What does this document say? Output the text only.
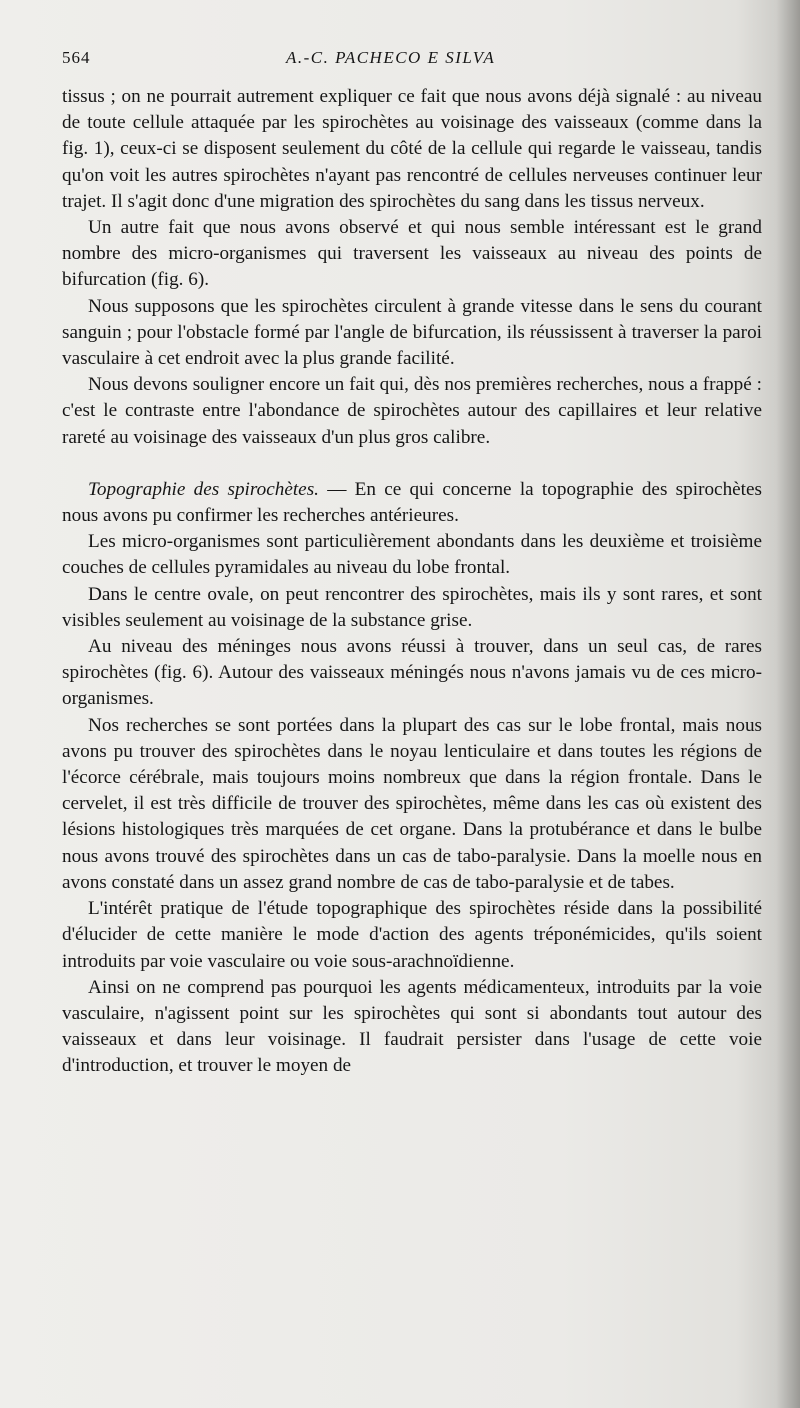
564	A.-C. PACHECO E SILVA

tissus ; on ne pourrait autrement expliquer ce fait que nous avons déjà signalé : au niveau de toute cellule attaquée par les spirochètes au voisinage des vaisseaux (comme dans la fig. 1), ceux-ci se disposent seulement du côté de la cellule qui regarde le vaisseau, tandis qu'on voit les autres spirochètes n'ayant pas rencontré de cellules nerveuses continuer leur trajet. Il s'agit donc d'une migration des spirochètes du sang dans les tissus nerveux.

Un autre fait que nous avons observé et qui nous semble intéressant est le grand nombre des micro-organismes qui traversent les vaisseaux au niveau des points de bifurcation (fig. 6).

Nous supposons que les spirochètes circulent à grande vitesse dans le sens du courant sanguin ; pour l'obstacle formé par l'angle de bifurcation, ils réussissent à traverser la paroi vasculaire à cet endroit avec la plus grande facilité.

Nous devons souligner encore un fait qui, dès nos premières recherches, nous a frappé : c'est le contraste entre l'abondance de spirochètes autour des capillaires et leur relative rareté au voisinage des vaisseaux d'un plus gros calibre.

Topographie des spirochètes. — En ce qui concerne la topographie des spirochètes nous avons pu confirmer les recherches antérieures.

Les micro-organismes sont particulièrement abondants dans les deuxième et troisième couches de cellules pyramidales au niveau du lobe frontal.

Dans le centre ovale, on peut rencontrer des spirochètes, mais ils y sont rares, et sont visibles seulement au voisinage de la substance grise.

Au niveau des méninges nous avons réussi à trouver, dans un seul cas, de rares spirochètes (fig. 6). Autour des vaisseaux méningés nous n'avons jamais vu de ces micro-organismes.

Nos recherches se sont portées dans la plupart des cas sur le lobe frontal, mais nous avons pu trouver des spirochètes dans le noyau lenticulaire et dans toutes les régions de l'écorce cérébrale, mais toujours moins nombreux que dans la région frontale. Dans le cervelet, il est très difficile de trouver des spirochètes, même dans les cas où existent des lésions histologiques très marquées de cet organe. Dans la protubérance et dans le bulbe nous avons trouvé des spirochètes dans un cas de tabo-paralysie. Dans la moelle nous en avons constaté dans un assez grand nombre de cas de tabo-paralysie et de tabes.

L'intérêt pratique de l'étude topographique des spirochètes réside dans la possibilité d'élucider de cette manière le mode d'action des agents tréponémicides, qu'ils soient introduits par voie vasculaire ou voie sous-arachnoïdienne.

Ainsi on ne comprend pas pourquoi les agents médicamenteux, introduits par la voie vasculaire, n'agissent point sur les spirochètes qui sont si abondants tout autour des vaisseaux et dans leur voisinage. Il faudrait persister dans l'usage de cette voie d'introduction, et trouver le moyen de
